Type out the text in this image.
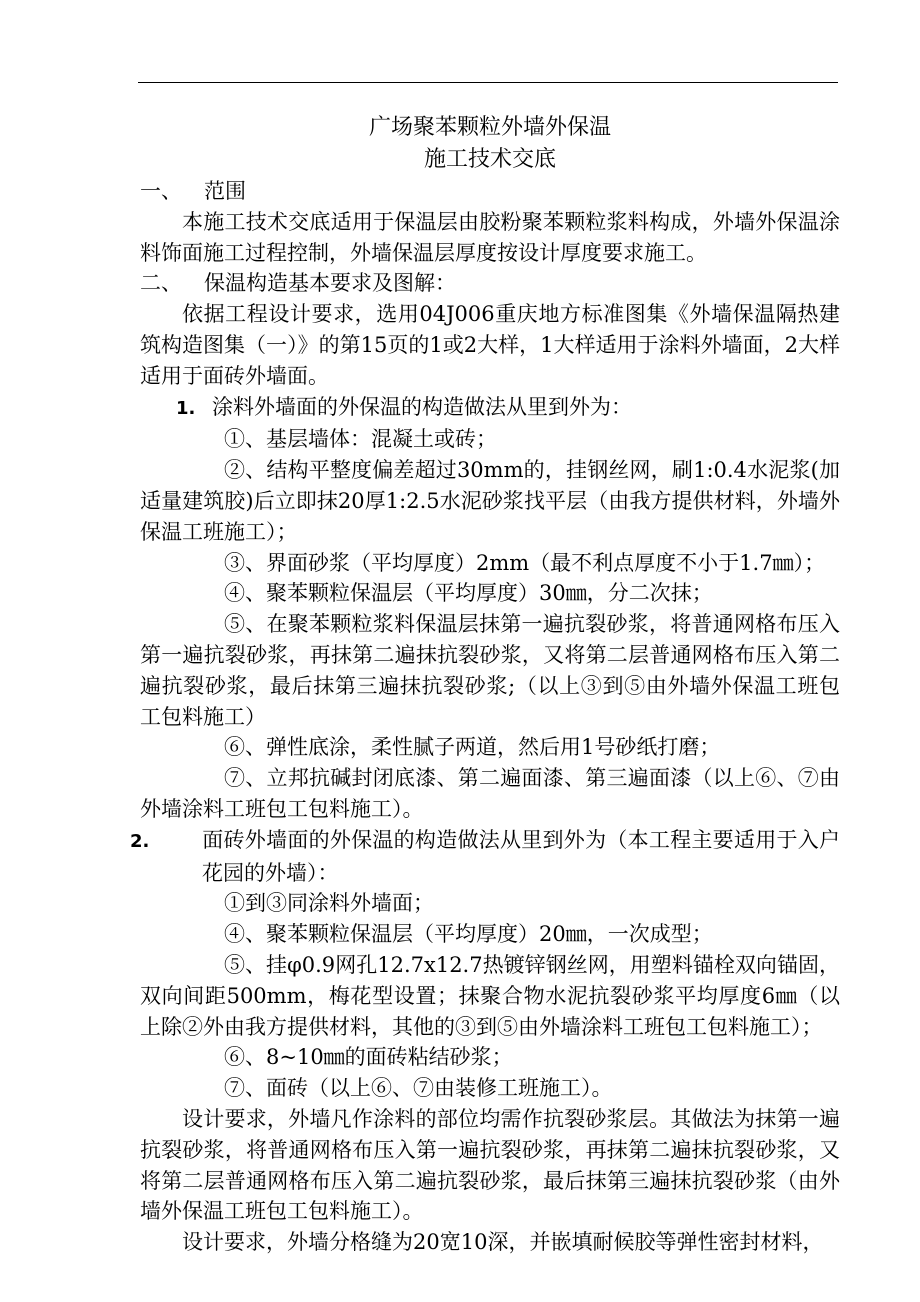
广场聚苯颗粒外墙外保温
施工技术交底

一、 范围

本施工技术交底适用于保温层由胶粉聚苯颗粒浆料构成，外墙外保温涂料饰面施工过程控制，外墙保温层厚度按设计厚度要求施工。

二、 保温构造基本要求及图解：

依据工程设计要求，选用04J006重庆地方标准图集《外墙保温隔热建筑构造图集（一）》的第15页的1或2大样，1大样适用于涂料外墙面，2大样适用于面砖外墙面。

1. 涂料外墙面的外保温的构造做法从里到外为：

①、基层墙体：混凝土或砖；

②、结构平整度偏差超过30mm的，挂钢丝网，刷1:0.4水泥浆(加适量建筑胶)后立即抹20厚1:2.5水泥砂浆找平层（由我方提供材料，外墙外保温工班施工）；

③、界面砂浆（平均厚度）2mm（最不利点厚度不小于1.7㎜）；

④、聚苯颗粒保温层（平均厚度）30㎜，分二次抹；

⑤、在聚苯颗粒浆料保温层抹第一遍抗裂砂浆，将普通网格布压入第一遍抗裂砂浆，再抹第二遍抹抗裂砂浆，又将第二层普通网格布压入第二遍抗裂砂浆，最后抹第三遍抹抗裂砂浆;（以上③到⑤由外墙外保温工班包工包料施工）

⑥、弹性底涂，柔性腻子两道，然后用1号砂纸打磨；

⑦、立邦抗碱封闭底漆、第二遍面漆、第三遍面漆（以上⑥、⑦由外墙涂料工班包工包料施工）。

2.	面砖外墙面的外保温的构造做法从里到外为（本工程主要适用于入户花园的外墙）：

①到③同涂料外墙面；

④、聚苯颗粒保温层（平均厚度）20㎜，一次成型；

⑤、挂φ0.9网孔12.7x12.7热镀锌钢丝网，用塑料锚栓双向锚固，双向间距500mm，梅花型设置；抹聚合物水泥抗裂砂浆平均厚度6㎜（以上除②外由我方提供材料，其他的③到⑤由外墙涂料工班包工包料施工）；

⑥、8~10㎜的面砖粘结砂浆；

⑦、面砖（以上⑥、⑦由装修工班施工）。

设计要求，外墙凡作涂料的部位均需作抗裂砂浆层。其做法为抹第一遍抗裂砂浆，将普通网格布压入第一遍抗裂砂浆，再抹第二遍抹抗裂砂浆，又将第二层普通网格布压入第二遍抗裂砂浆，最后抹第三遍抹抗裂砂浆（由外墙外保温工班包工包料施工）。

设计要求，外墙分格缝为20宽10深，并嵌填耐候胶等弹性密封材料，
